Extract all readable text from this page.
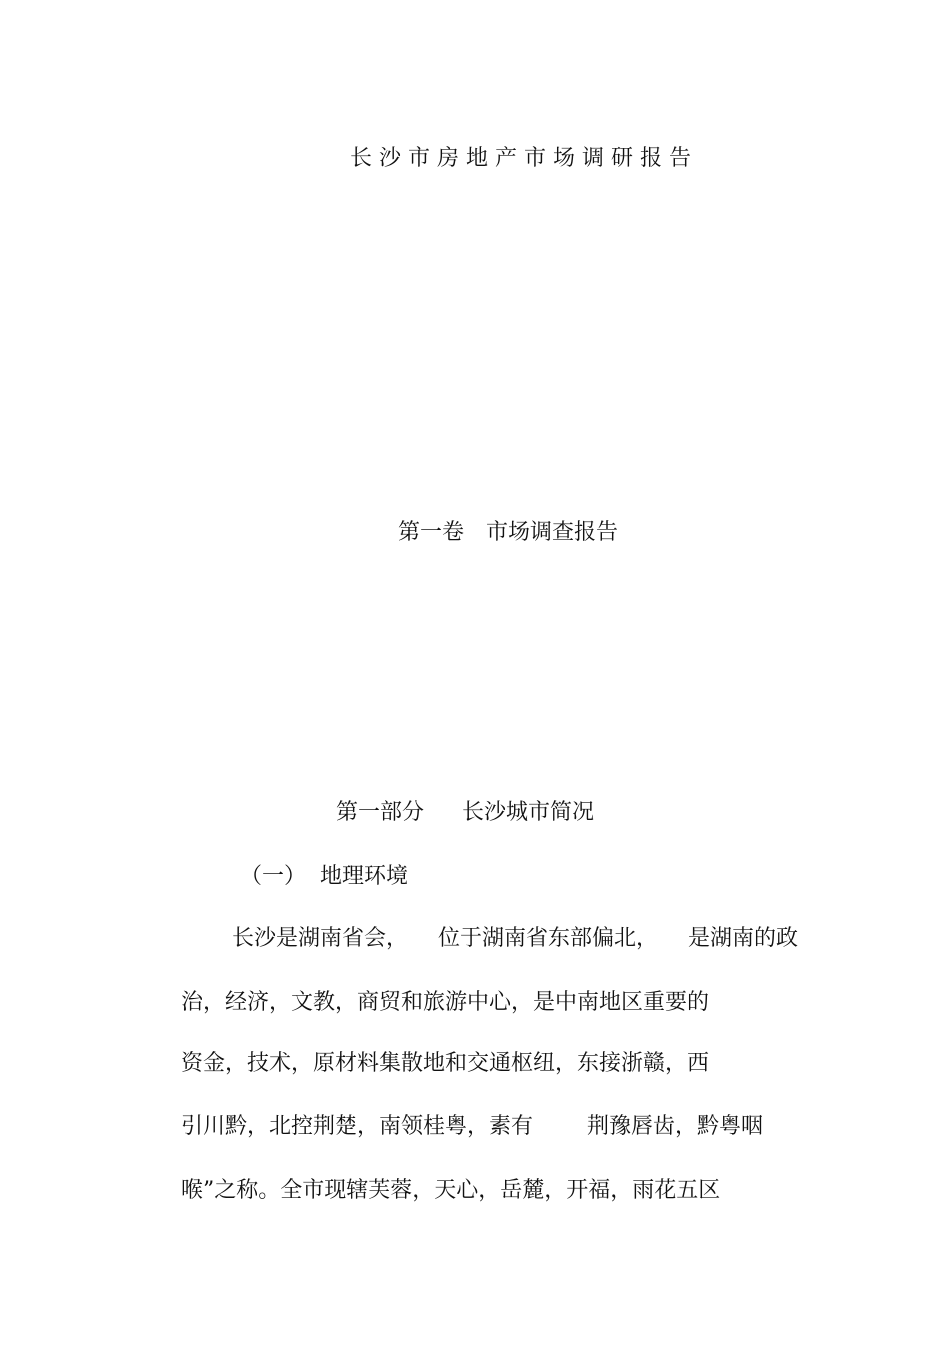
长沙市房地产市场调研报告
第一卷 市场调查报告
第一部分 长沙城市简况
（一） 地理环境
长沙是湖南省会， 位于湖南省东部偏北， 是湖南的政
治，经济，文教，商贸和旅游中心，是中南地区重要的
资金，技术，原材料集散地和交通枢纽，东接浙赣，西
引川黔，北控荆楚，南领桂粤，素有 荆豫唇齿，黔粤咽
喉”之称。全市现辖芙蓉，天心，岳麓，开福，雨花五区
